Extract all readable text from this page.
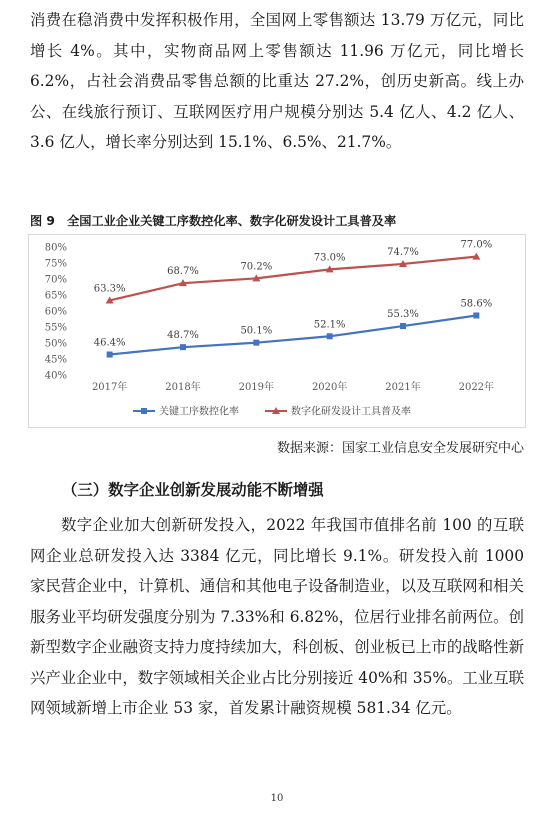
消费在稳消费中发挥积极作用，全国网上零售额达 13.79 万亿元，同比增长 4%。其中，实物商品网上零售额达 11.96 万亿元，同比增长 6.2%，占社会消费品零售总额的比重达 27.2%，创历史新高。线上办公、在线旅行预订、互联网医疗用户规模分别达 5.4 亿人、4.2 亿人、3.6 亿人，增长率分别达到 15.1%、6.5%、21.7%。

图 9　全国工业企业关键工序数控化率、数字化研发设计工具普及率
40%
45%
50%
55%
60%
65%
70%
75%
80%
2017年	2018年	2019年	2020年	2021年	2022年
46.4%
48.7%	50.1%
52.1%
55.3%
58.6%
63.3%
68.7%	70.2%
73.0%	74.7%
77.0%
关键工序数控化率	数字化研发设计工具普及率
数据来源：国家工业信息安全发展研究中心
（三）数字企业创新发展动能不断增强

数字企业加大创新研发投入，2022 年我国市值排名前 100 的互联网企业总研发投入达 3384 亿元，同比增长 9.1%。研发投入前 1000 家民营企业中，计算机、通信和其他电子设备制造业，以及互联网和相关服务业平均研发强度分别为 7.33%和 6.82%，位居行业排名前两位。创新型数字企业融资支持力度持续加大，科创板、创业板已上市的战略性新兴产业企业中，数字领域相关企业占比分别接近 40%和 35%。工业互联网领域新增上市企业 53 家，首发累计融资规模 581.34 亿元。

10
